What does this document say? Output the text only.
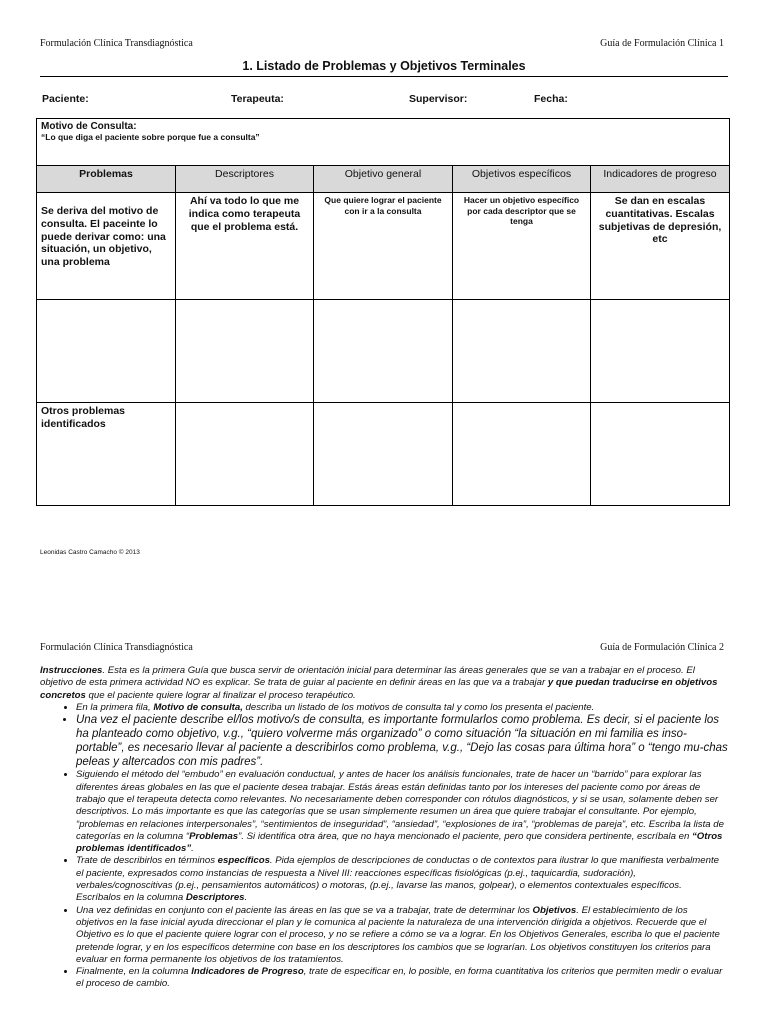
Formulación Clínica Transdiagnóstica	Guía de Formulación Clínica 1
1. Listado de Problemas y Objetivos Terminales
Paciente:	Terapeuta:	Supervisor:	Fecha:
Motivo de Consulta:
“Lo que diga el paciente sobre porque fue a consulta”				

Problemas	Descriptores	Objetivo general	Objetivos específicos	Indicadores de progreso
Se deriva del motivo de consulta. El paceinte lo puede derivar como: una situación, un objetivo, una problema	Ahí va todo lo que me indica como terapeuta que el problema está.	Que quiere lograr el paciente con ir a la consulta	Hacer un objetivo específico por cada descriptor que se tenga	Se dan en escalas cuantitativas. Escalas subjetivas de depresión, etc

Otros problemas identificados				
Leonidas Castro Camacho © 2013
Formulación Clínica Transdiagnóstica	Guía de Formulación Clínica 2

Instrucciones. Esta es la primera Guía que busca servir de orientación inicial para determinar las áreas generales que se van a trabajar en el proceso. El objetivo de esta primera actividad NO es explicar. Se trata de guiar al paciente en definir áreas en las que va a trabajar y que puedan traducirse en objetivos concretos que el paciente quiere lograr al finalizar el proceso terapéutico.

• En la primera fila, Motivo de consulta, describa un listado de los motivos de consulta tal y como los presenta el paciente.
• Una vez el paciente describe el/los motivo/s de consulta, es importante formularlos como problema. Es decir, si el paciente los ha planteado como objetivo, v.g., “quiero volverme más organizado” o como situación “la situación en mi familia es inso-portable”, es necesario llevar al paciente a describirlos como problema, v.g., “Dejo las cosas para última hora” o “tengo mu-chas peleas y altercados con mis padres”.
• Siguiendo el método del “embudo” en evaluación conductual, y antes de hacer los análisis funcionales, trate de hacer un “barrido” para explorar las diferentes áreas globales en las que el paciente desea trabajar. Estás áreas están definidas tanto por los intereses del paciente como por áreas de trabajo que el terapeuta detecta como relevantes. No necesariamente deben corresponder con rótulos diagnósticos, y si se usan, solamente deben ser descriptivos. Lo más importante es que las categorías que se usan simplemente resumen un área que quiere trabajar el consultante. Por ejemplo, “problemas en relaciones interpersonales”, “sentimientos de inseguridad”, “ansiedad”, “explosiones de ira”, “problemas de pareja”, etc. Escriba la lista de categorías en la columna “Problemas”. Si identifica otra área, que no haya mencionado el paciente, pero que considera pertinente, escríbala en “Otros problemas identificados”.
• Trate de describirlos en términos específicos. Pida ejemplos de descripciones de conductas o de contextos para ilustrar lo que manifiesta verbalmente el paciente, expresados como instancias de respuesta a Nivel III: reacciones específicas fisiológicas (p.ej., taquicardia, sudoración), verbales/cognoscitivas (p.ej., pensamientos automáticos) o motoras, (p.ej., lavarse las manos, golpear), o elementos contextuales específicos. Escríbalos en la columna Descriptores.
• Una vez definidas en conjunto con el paciente las áreas en las que se va a trabajar, trate de determinar los Objetivos. El establecimiento de los objetivos en la fase inicial ayuda direccionar el plan y le comunica al paciente la naturaleza de una intervención dirigida a objetivos. Recuerde que el Objetivo es lo que el paciente quiere lograr con el proceso, y no se refiere a cómo se va a lograr. En los Objetivos Generales, escriba lo que el paciente pretende lograr, y en los específicos determine con base en los descriptores los cambios que se lograrían. Los objetivos constituyen los criterios para evaluar en forma permanente los objetivos de los tratamientos.
• Finalmente, en la columna Indicadores de Progreso, trate de especificar en, lo posible, en forma cuantitativa los criterios que permiten medir o evaluar el proceso de cambio.
